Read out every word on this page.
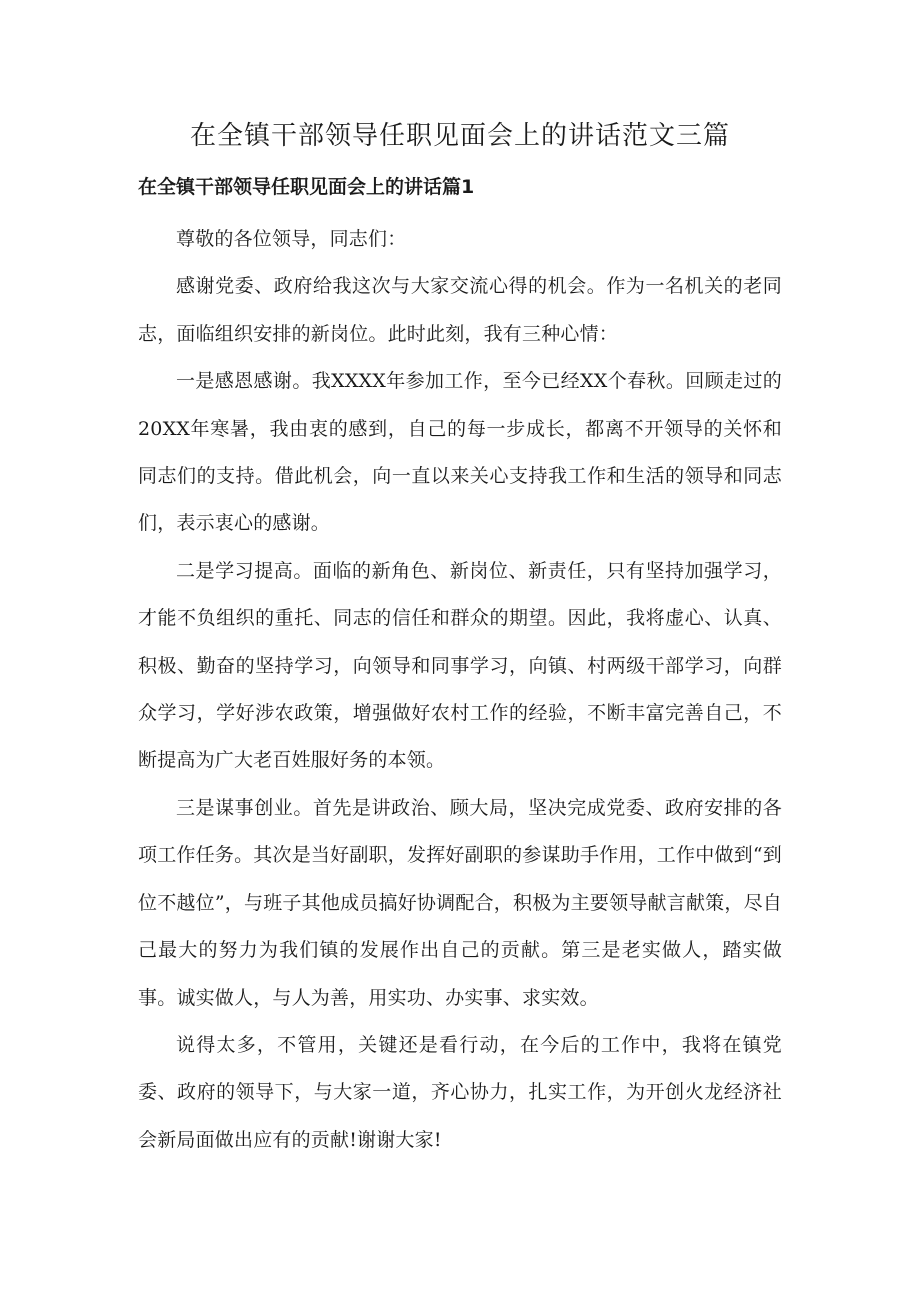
在全镇干部领导任职见面会上的讲话范文三篇
在全镇干部领导任职见面会上的讲话篇1

尊敬的各位领导，同志们：

感谢党委、政府给我这次与大家交流心得的机会。作为一名机关的老同志，面临组织安排的新岗位。此时此刻，我有三种心情：

一是感恩感谢。我XXXX年参加工作，至今已经XX个春秋。回顾走过的20XX年寒暑，我由衷的感到，自己的每一步成长，都离不开领导的关怀和同志们的支持。借此机会，向一直以来关心支持我工作和生活的领导和同志们，表示衷心的感谢。

二是学习提高。面临的新角色、新岗位、新责任，只有坚持加强学习，才能不负组织的重托、同志的信任和群众的期望。因此，我将虚心、认真、积极、勤奋的坚持学习，向领导和同事学习，向镇、村两级干部学习，向群众学习，学好涉农政策，增强做好农村工作的经验，不断丰富完善自己，不断提高为广大老百姓服好务的本领。

三是谋事创业。首先是讲政治、顾大局，坚决完成党委、政府安排的各项工作任务。其次是当好副职，发挥好副职的参谋助手作用，工作中做到“到位不越位”，与班子其他成员搞好协调配合，积极为主要领导献言献策，尽自己最大的努力为我们镇的发展作出自己的贡献。第三是老实做人，踏实做事。诚实做人，与人为善，用实功、办实事、求实效。

说得太多，不管用，关键还是看行动，在今后的工作中，我将在镇党委、政府的领导下，与大家一道，齐心协力，扎实工作，为开创火龙经济社会新局面做出应有的贡献!谢谢大家!
